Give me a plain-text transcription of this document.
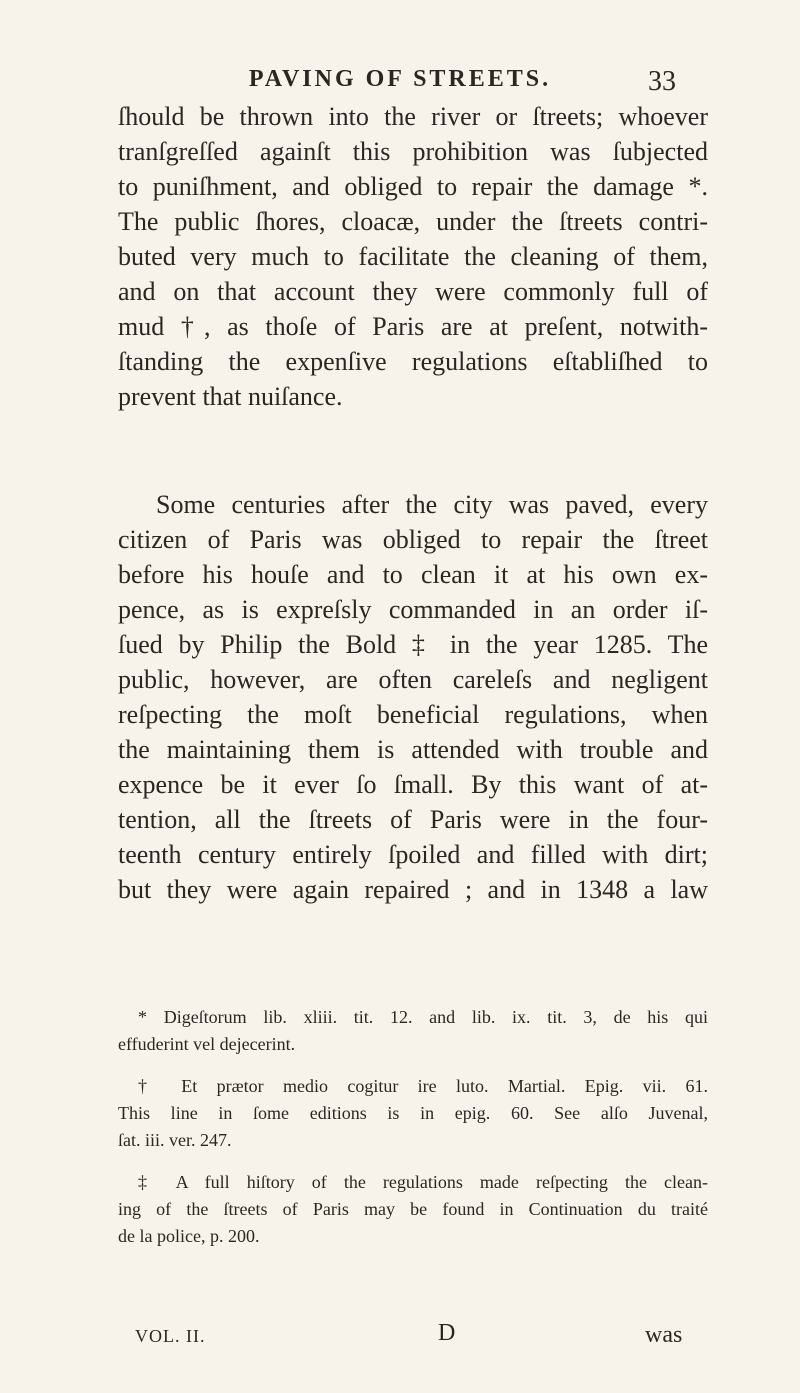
PAVING OF STREETS.	33
ſhould be thrown into the river or ſtreets; whoever
tranſgreſſed againſt this prohibition was ſubjected
to puniſhment, and obliged to repair the damage *.
The public ſhores, cloacæ, under the ſtreets contri-
buted very much to facilitate the cleaning of them,
and on that account they were commonly full of
mud †, as thoſe of Paris are at preſent, notwith-
ſtanding the expenſive regulations eſtabliſhed to
prevent that nuiſance.
Some centuries after the city was paved, every
citizen of Paris was obliged to repair the ſtreet
before his houſe and to clean it at his own ex-
pence, as is expreſsly commanded in an order iſ-
ſued by Philip the Bold ‡ in the year 1285. The
public, however, are often careleſs and negligent
reſpecting the moſt beneficial regulations, when
the maintaining them is attended with trouble and
expence be it ever ſo ſmall. By this want of at-
tention, all the ſtreets of Paris were in the four-
teenth century entirely ſpoiled and filled with dirt;
but they were again repaired ; and in 1348 a law
* Digeſtorum lib. xliii. tit. 12. and lib. ix. tit. 3, de his qui
effuderint vel dejecerint.
† Et prætor medio cogitur ire luto. Martial. Epig. vii. 61.
This line in ſome editions is in epig. 60. See alſo Juvenal,
ſat. iii. ver. 247.
‡ A full hiſtory of the regulations made reſpecting the clean-
ing of the ſtreets of Paris may be found in Continuation du traité
de la police, p. 200.
VOL. II.	D	was
